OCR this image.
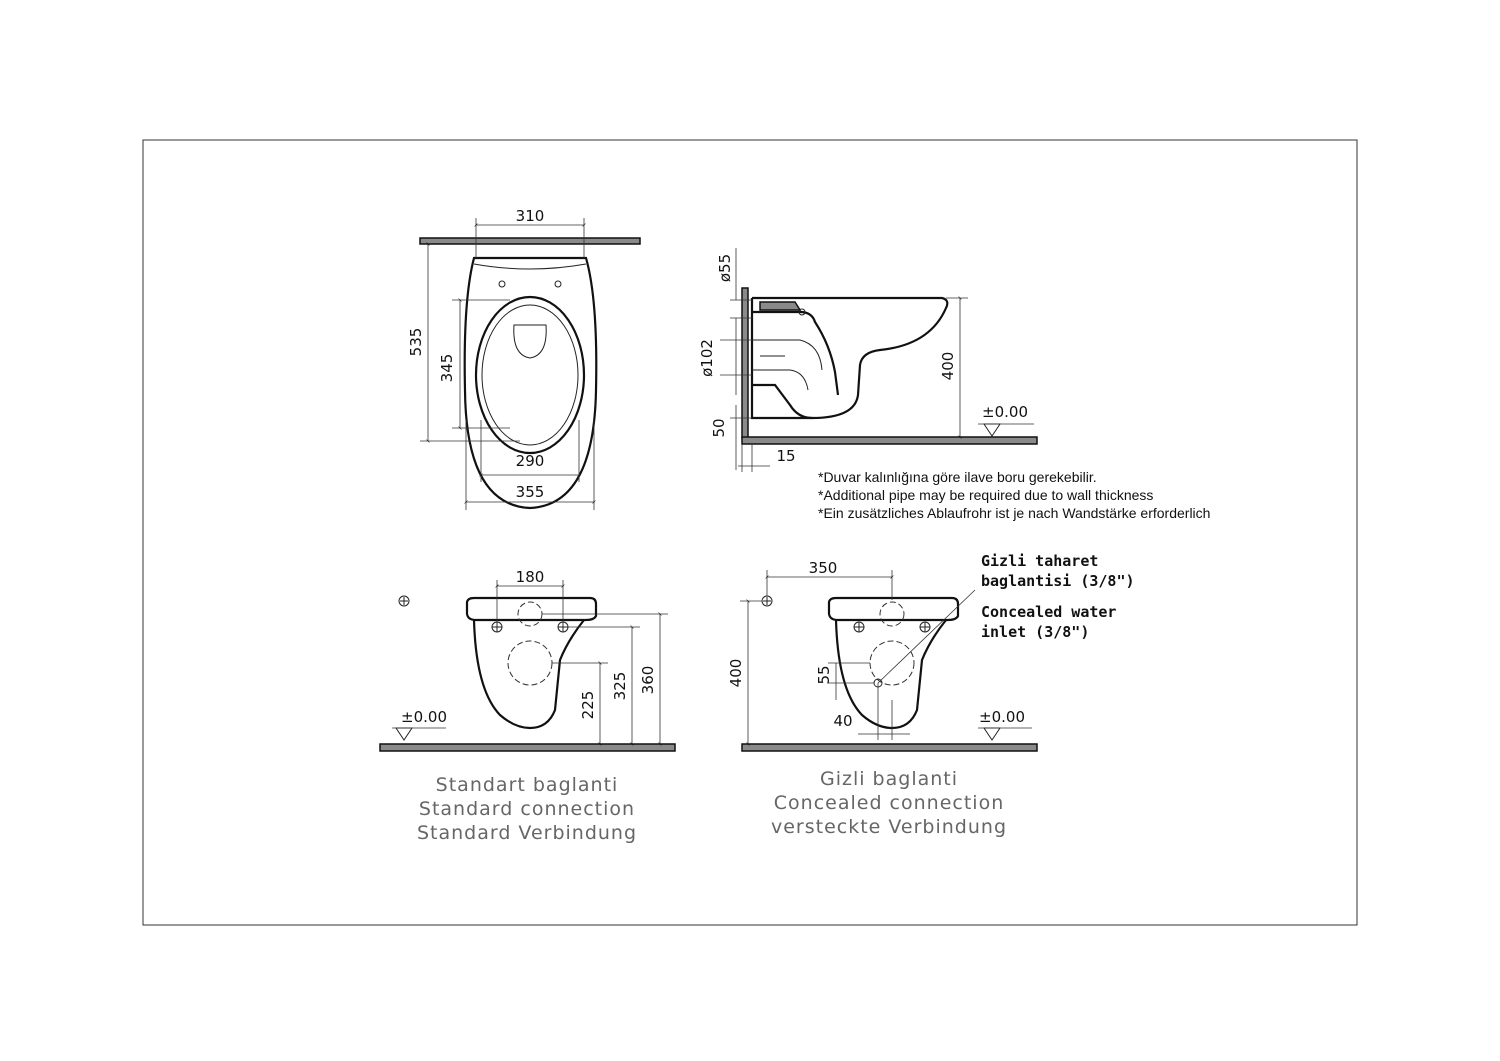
310
535
345
290
355
ø55
ø102
50
15
400
±0.00
*Duvar kalınlığına göre ilave boru gerekebilir.
*Additional pipe may be required due to wall thickness
*Ein zusätzliches Ablaufrohr ist je nach Wandstärke erforderlich
180
225
325 360
±0.00
Standart baglanti
Standard connection
Standard Verbindung
350
400	55
40	±0.00
Gizli taharet
baglantisi (3/8")
Concealed water
inlet (3/8")
Gizli baglanti
Concealed connection
versteckte Verbindung
